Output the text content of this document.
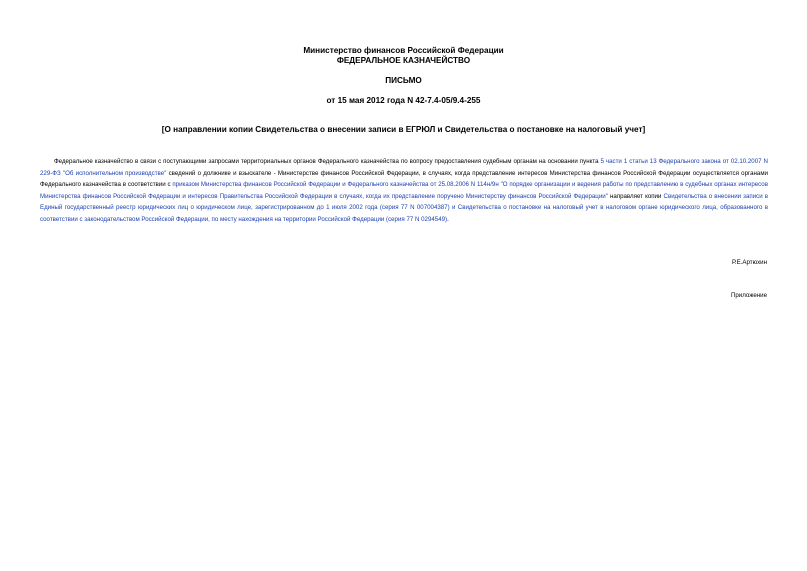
Министерство финансов Российской Федерации
ФЕДЕРАЛЬНОЕ КАЗНАЧЕЙСТВО
ПИСЬМО
от 15 мая 2012 года N 42-7.4-05/9.4-255
[О направлении копии Свидетельства о внесении записи в ЕГРЮЛ и Свидетельства о постановке на налоговый учет]

Федеральное казначейство в связи с поступающими запросами территориальных органов Федерального казначейства по вопросу предоставления судебным органам на основании пункта 5 части 1 статьи 13 Федерального закона от 02.10.2007 N 229-ФЗ "Об исполнительном производстве" сведений о должнике и взыскателе - Министерстве финансов Российской Федерации, в случаях, когда представление интересов Министерства финансов Российской Федерации осуществляется органами Федерального казначейства в соответствии с приказом Министерства финансов Российской Федерации и Федерального казначейства от 25.08.2006 N 114н/9н "О порядке организации и ведения работы по представлению в судебных органах интересов Министерства финансов Российской Федерации и интересов Правительства Российской Федерации в случаях, когда их представление поручено Министерству финансов Российской Федерации" направляет копии Свидетельства о внесении записи в Единый государственный реестр юридических лиц о юридическом лице, зарегистрированном до 1 июля 2002 года (серия 77 N 007004387) и Свидетельства о постановке на налоговый учет в налоговом органе юридического лица, образованного в соответствии с законодательством Российской Федерации, по месту нахождения на территории Российской Федерации (серия 77 N 0294549).

Р.Е.Артюхин
Приложение
